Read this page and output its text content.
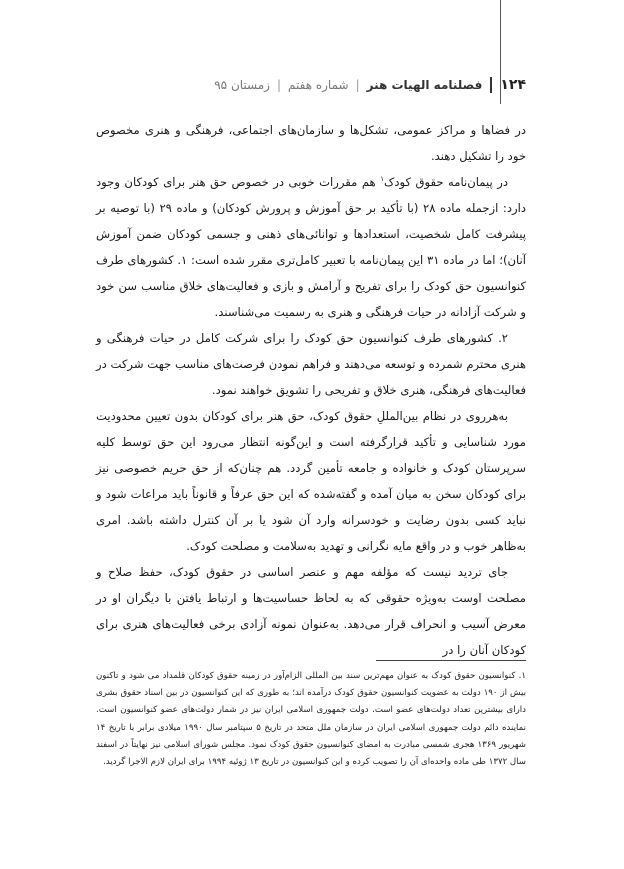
۱۲۴
فصلنامه الهیات هنر
|
شماره هفتم
|
زمستان ۹۵

در فضاها و مراکز عمومی، تشکل‌ها و سازمان‌های اجتماعی، فرهنگی و هنری مخصوص خود را تشکیل دهند.

در پیمان‌نامه حقوق کودک$^۱$ هم مقررات خوبی در خصوص حق هنر برای کودکان وجود دارد: ازجمله ماده ۲۸ (با تأکید بر حق آموزش و پرورش کودکان) و ماده ۲۹ (با توصیه بر پیشرفت کامل شخصیت، استعدادها و توانائی‌های ذهنی و جسمی کودکان ضمن آموزش آنان)؛ اما در ماده ۳۱ این پیمان‌نامه با تعبیر کامل‌تری مقرر شده است: ۱. کشورهای طرف کنوانسیون حق کودک را برای تفریح و آرامش و بازی و فعالیت‌های خلاق مناسب سن خود و شرکت آزادانه در حیات فرهنگی و هنری به رسمیت می‌شناسند.

۲. کشورهای طرف کنوانسیون حق کودک را برای شرکت کامل در حیات فرهنگی و هنری محترم شمرده و توسعه می‌دهند و فراهم نمودن فرصت‌های مناسب جهت شرکت در فعالیت‌های فرهنگی، هنری خلاق و تفریحی را تشویق خواهند نمود.

به‌هرروی در نظام بین‌المللِ حقوق کودک، حق هنر برای کودکان بدون تعیین محدودیت مورد شناسایی و تأکید قرارگرفته است و این‌گونه انتظار می‌رود این حق توسط کلیه سرپرستان کودک و خانواده و جامعه تأمین گردد. هم چنان‌که از حق حریم خصوصی نیز برای کودکان سخن به میان آمده و گفته‌شده که این حق عرفاً و قانوناً باید مراعات شود و نباید کسی بدون رضایت و خودسرانه وارد آن شود یا بر آن کنترل داشته باشد. امری به‌ظاهر خوب و در واقع مایه نگرانی و تهدید به‌سلامت و مصلحت کودک.

جای تردید نیست که مؤلفه مهم و عنصر اساسی در حقوق کودک، حفظ صلاح و مصلحت اوست به‌ویژه حقوقی که به لحاظ حساسیت‌ها و ارتباط یافتن با دیگران او در معرض آسیب و انحراف قرار می‌دهد. به‌عنوان نمونه آزادی برخی فعالیت‌های هنری برای کودکان آنان را در

۱. کنوانسیون حقوق کودک به عنوان مهم‌ترین سند بین المللی الزام‌آور در زمینه حقوق کودکان قلمداد می شود و تاکنون بیش از ۱۹۰ دولت به عضویت کنوانسیون حقوق کودک درآمده اند؛ به طوری که این کنوانسیون در بین اسناد حقوق بشری دارای بیشترین تعداد دولت‌های عضو است. دولت جمهوری اسلامی ایران نیز در شمار دولت‌های عضو کنوانسیون است. نماینده دائم دولت جمهوری اسلامی ایران در سازمان ملل متحد در تاریخ ۵ سپتامبر سال ۱۹۹۰ میلادی برابر با تاریخ ۱۴ شهریور ۱۳۶۹ هجری شمسی مبادرت به امضای کنوانسیون حقوق کودک نمود. مجلس شورای اسلامی نیز نهایتاً در اسفند سال ۱۳۷۲ طی ماده واحده‌ای آن را تصویب کرده و این کنوانسیون در تاریخ ۱۳ ژوئیه ۱۹۹۴ برای ایران لازم الاجرا گردید.
